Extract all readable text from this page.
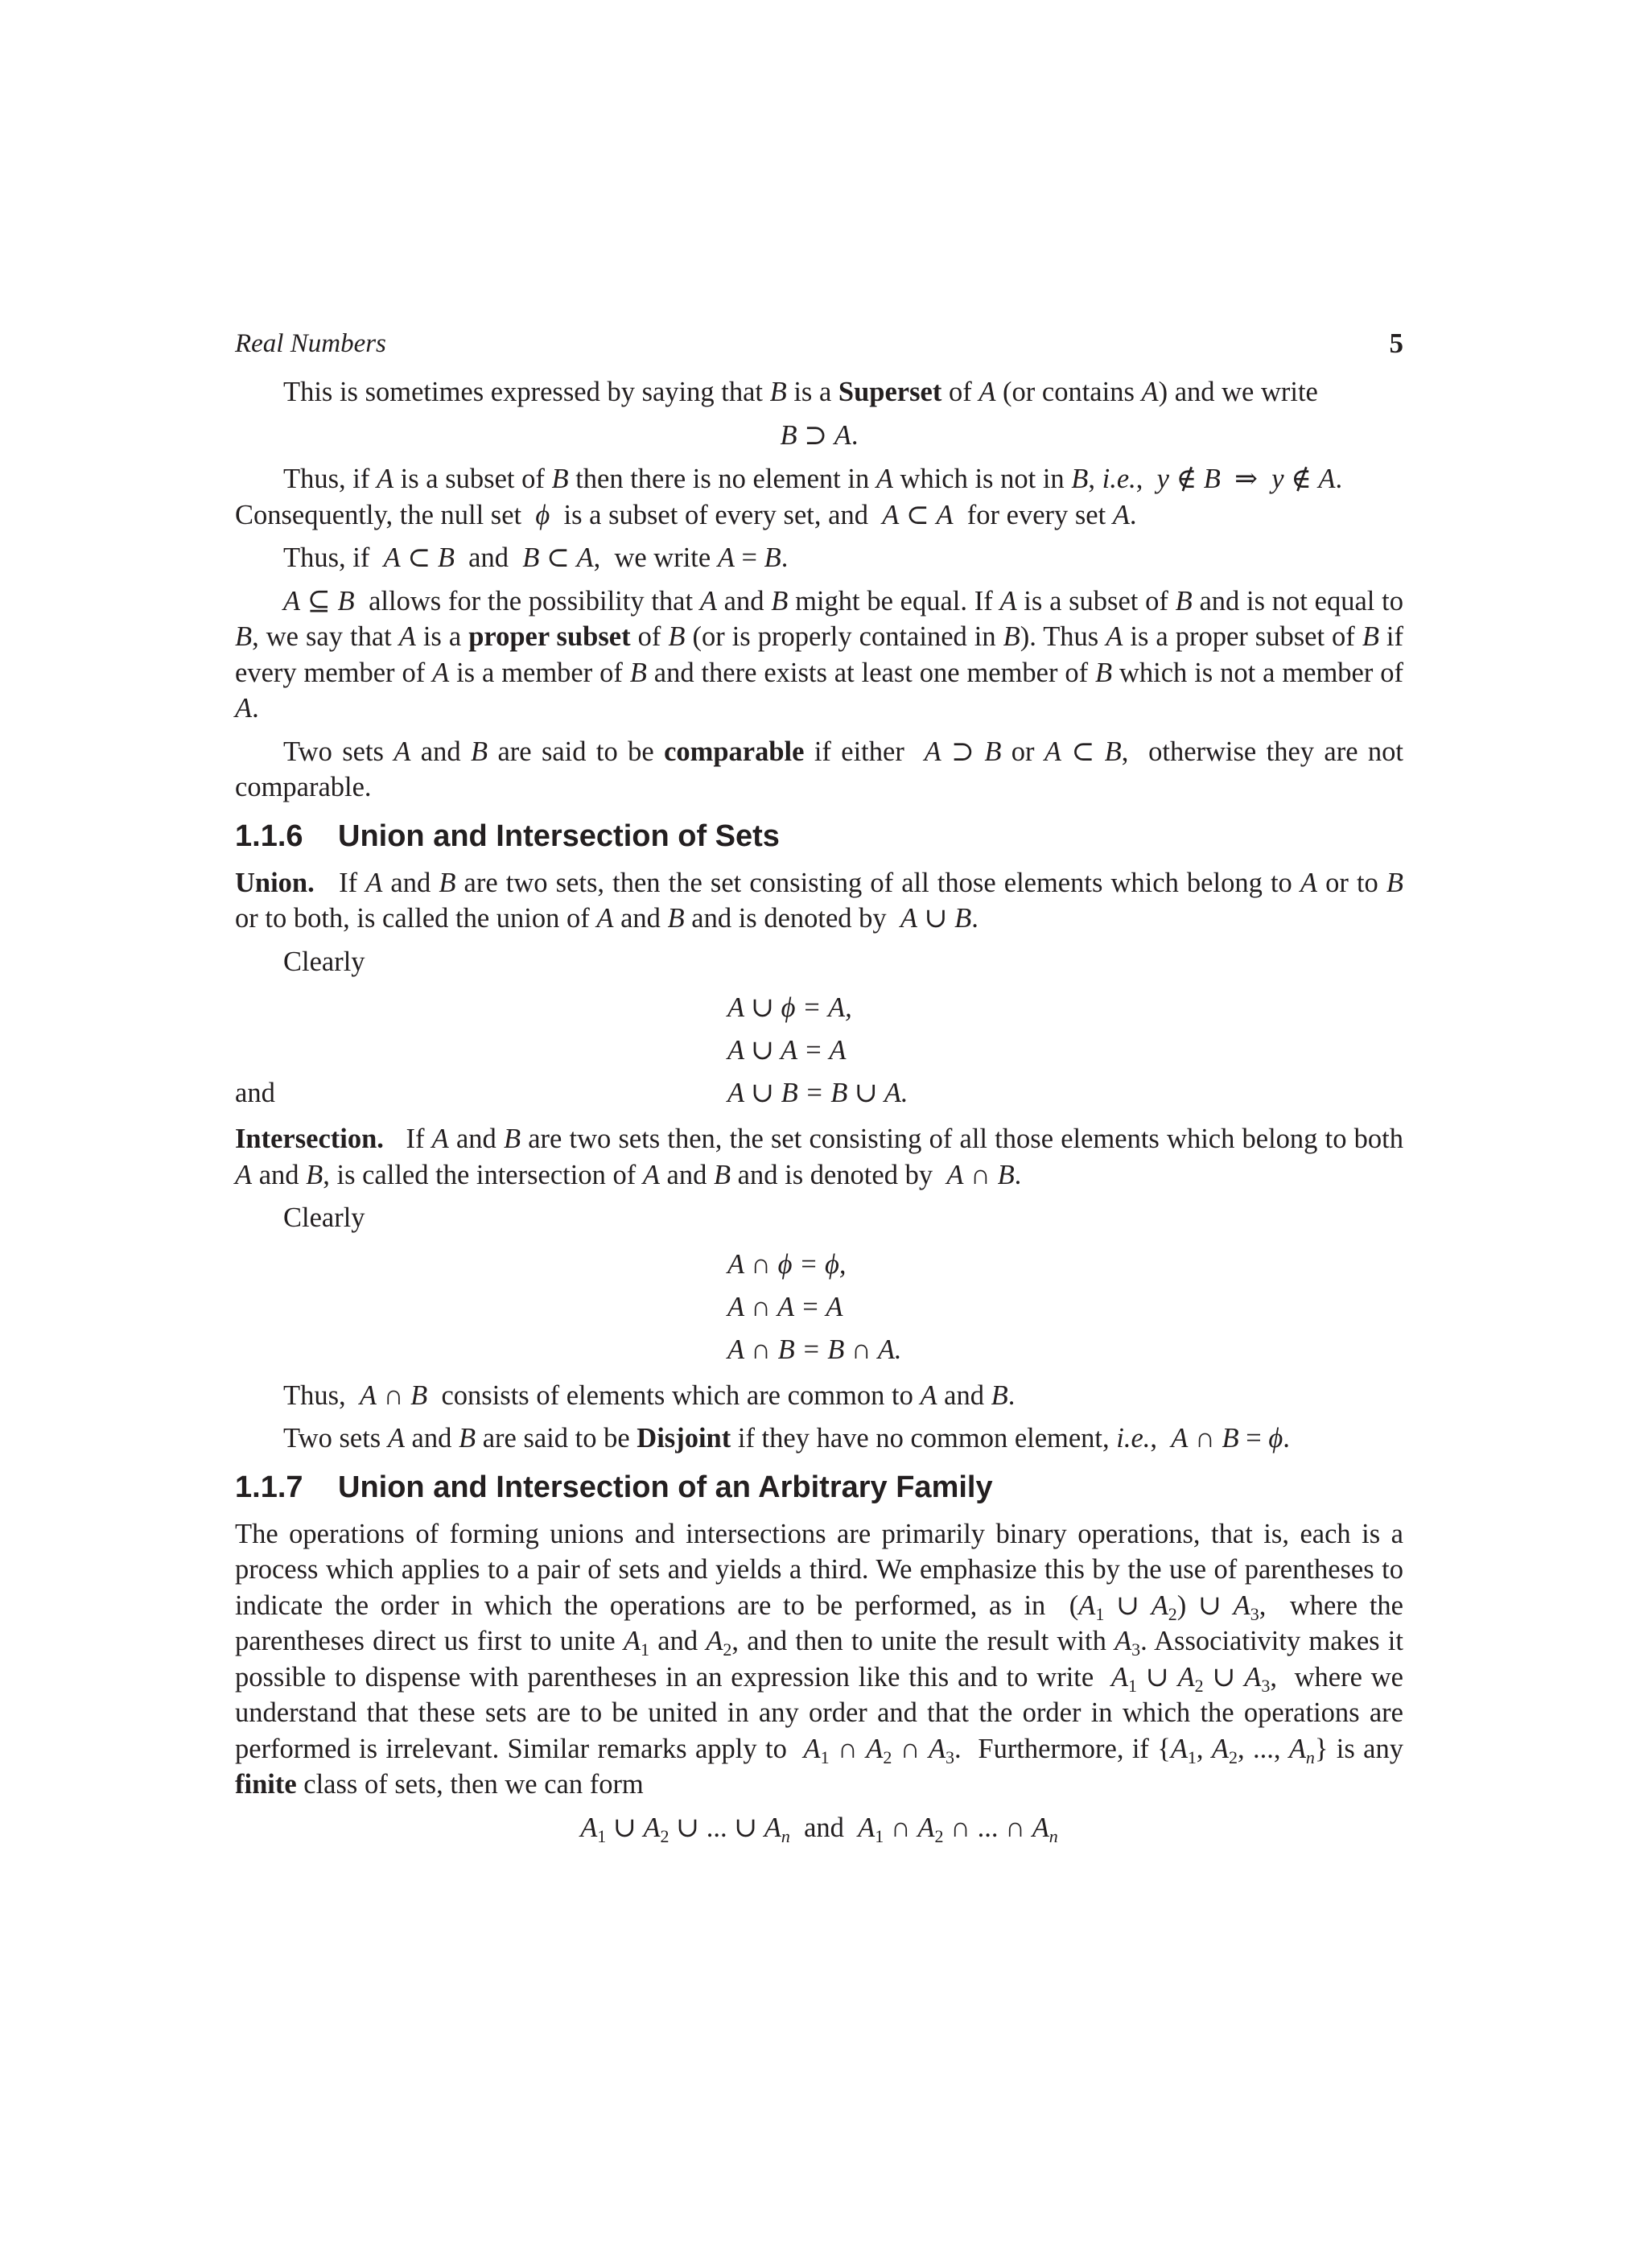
Real Numbers	5

This is sometimes expressed by saying that B is a Superset of A (or contains A) and we write

B ⊃ A.

Thus, if A is a subset of B then there is no element in A which is not in B, i.e.,  y ∉ B  ⇒  y ∉ A.

Consequently, the null set  ϕ  is a subset of every set, and  A ⊂ A  for every set A.

Thus, if  A ⊂ B  and  B ⊂ A,  we write A = B.

A ⊆ B  allows for the possibility that A and B might be equal. If A is a subset of B and is not equal to B, we say that A is a proper subset of B (or is properly contained in B). Thus A is a proper subset of B if every member of A is a member of B and there exists at least one member of B which is not a member of A.

Two sets A and B are said to be comparable if either  A ⊃ B or A ⊂ B,  otherwise they are not comparable.

1.1.6 Union and Intersection of Sets

Union.   If A and B are two sets, then the set consisting of all those elements which belong to A or to B or to both, is called the union of A and B and is denoted by  A ∪ B.

Clearly

A ∪ ϕ = A,
A ∪ A = A
and	A ∪ B = B ∪ A.

Intersection.   If A and B are two sets then, the set consisting of all those elements which belong to both A and B, is called the intersection of A and B and is denoted by  A ∩ B.

Clearly

A ∩ ϕ = ϕ,
A ∩ A = A
A ∩ B = B ∩ A.

Thus,  A ∩ B  consists of elements which are common to A and B.

Two sets A and B are said to be Disjoint if they have no common element, i.e.,  A ∩ B = ϕ.

1.1.7 Union and Intersection of an Arbitrary Family

The operations of forming unions and intersections are primarily binary operations, that is, each is a process which applies to a pair of sets and yields a third. We emphasize this by the use of parentheses to indicate the order in which the operations are to be performed, as in  ($A_1$ ∪ $A_2$) ∪ $A_3$,  where the parentheses direct us first to unite $A_1$ and $A_2$, and then to unite the result with $A_3$. Associativity makes it possible to dispense with parentheses in an expression like this and to write  $A_1$ ∪ $A_2$ ∪ $A_3$,  where we understand that these sets are to be united in any order and that the order in which the operations are performed is irrelevant. Similar remarks apply to  $A_1$ ∩ $A_2$ ∩ $A_3$.  Furthermore, if {$A_1$, $A_2$, ..., $A_n$} is any finite class of sets, then we can form

$A_1$ ∪ $A_2$ ∪ ... ∪ $A_n$  and  $A_1$ ∩ $A_2$ ∩ ... ∩ $A_n$
